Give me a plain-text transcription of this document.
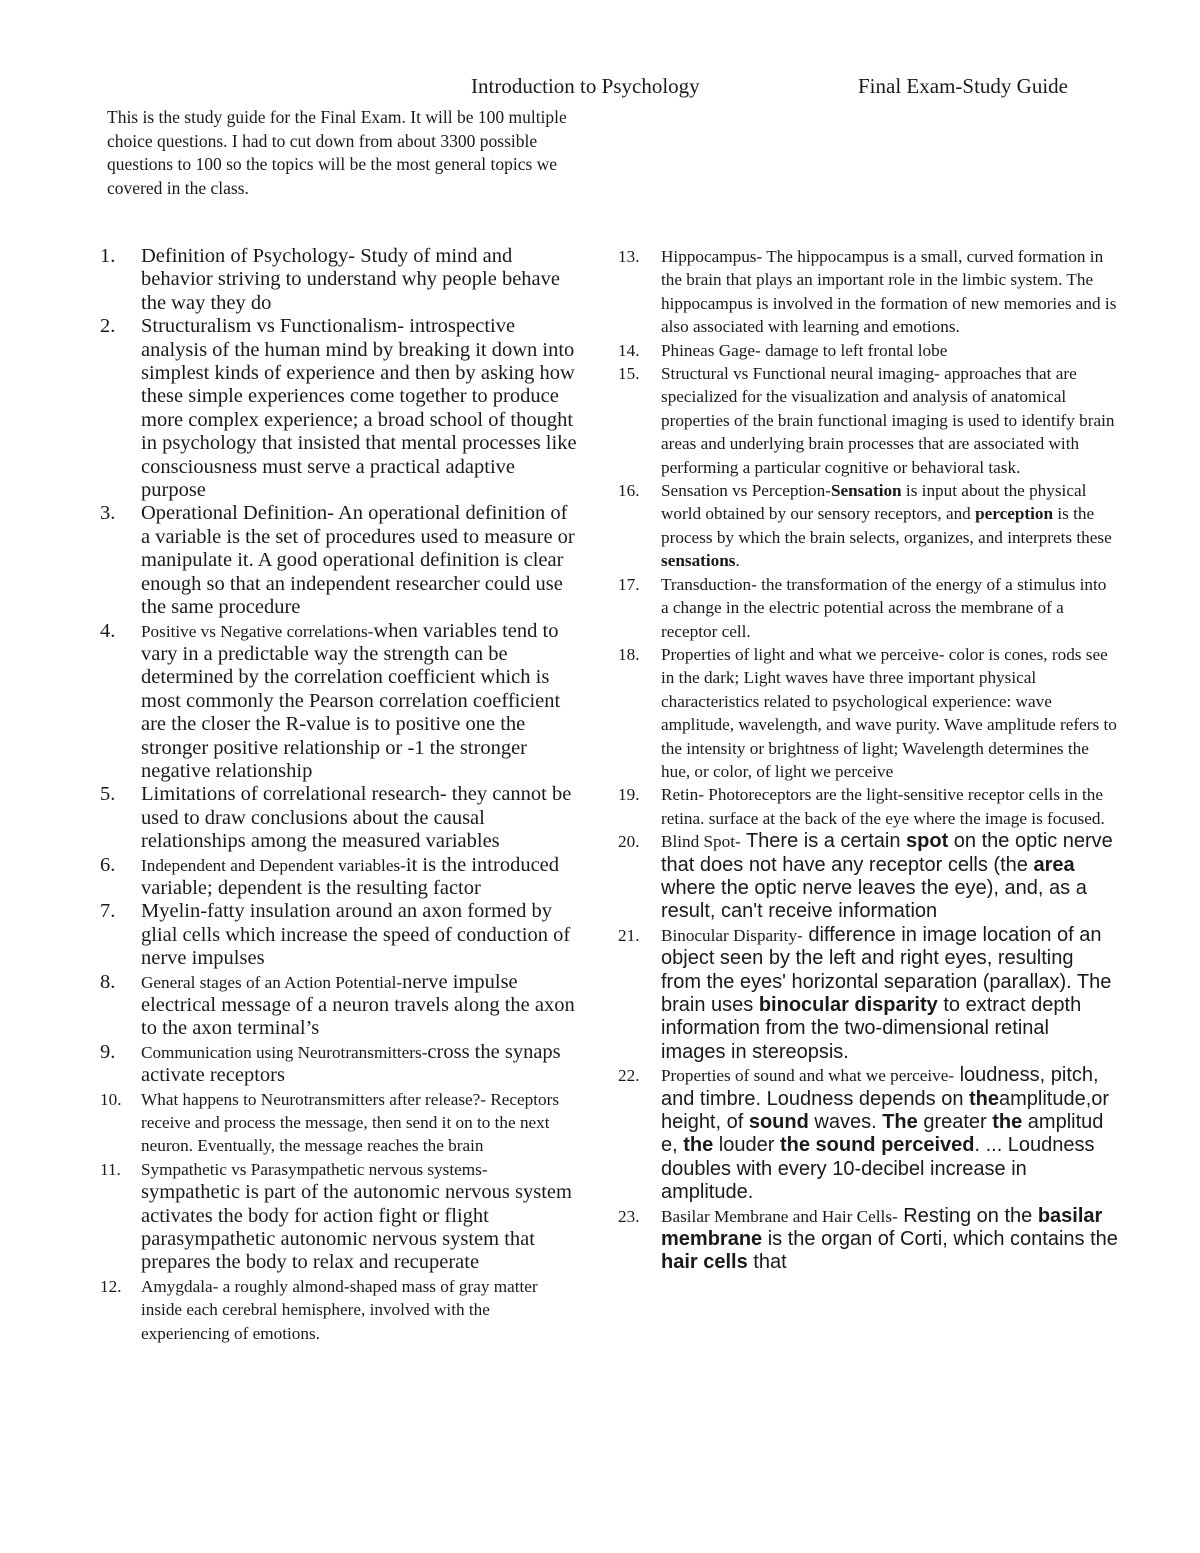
Introduction to Psychology	Final Exam-Study Guide

This is the study guide for the Final Exam. It will be 100 multiple choice questions. I had to cut down from about 3300 possible questions to 100 so the topics will be the most general topics we covered in the class.

1.	Definition of Psychology- Study of mind and behavior striving to understand why people behave the way they do
2.	Structuralism vs Functionalism- introspective analysis of the human mind by breaking it down into simplest kinds of experience and then by asking how these simple experiences come together to produce more complex experience; a broad school of thought in psychology that insisted that mental processes like consciousness must serve a practical adaptive purpose
3.	Operational Definition- An operational definition of a variable is the set of procedures used to measure or manipulate it. A good operational definition is clear enough so that an independent researcher could use the same procedure
4.	Positive vs Negative correlations-when variables tend to vary in a predictable way the strength can be determined by the correlation coefficient which is most commonly the Pearson correlation coefficient are the closer the R-value is to positive one the stronger positive relationship or -1 the stronger negative relationship
5.	Limitations of correlational research- they cannot be used to draw conclusions about the causal relationships among the measured variables
6.	Independent and Dependent variables-it is the introduced variable; dependent is the resulting factor
7.	Myelin-fatty insulation around an axon formed by glial cells which increase the speed of conduction of nerve impulses
8.	General stages of an Action Potential-nerve impulse electrical message of a neuron travels along the axon to the axon terminal’s
9.	Communication using Neurotransmitters-cross the synaps activate receptors
10.	What happens to Neurotransmitters after release?- Receptors receive and process the message, then send it on to the next neuron. Eventually, the message reaches the brain
11.	Sympathetic vs Parasympathetic nervous systems-sympathetic is part of the autonomic nervous system activates the body for action fight or flight parasympathetic autonomic nervous system that prepares the body to relax and recuperate
12.	Amygdala- a roughly almond-shaped mass of gray matter inside each cerebral hemisphere, involved with the experiencing of emotions.
13.	Hippocampus- The hippocampus is a small, curved formation in the brain that plays an important role in the limbic system. The hippocampus is involved in the formation of new memories and is also associated with learning and emotions.
14.	Phineas Gage- damage to left frontal lobe
15.	Structural vs Functional neural imaging- approaches that are specialized for the visualization and analysis of anatomical properties of the brain functional imaging is used to identify brain areas and underlying brain processes that are associated with performing a particular cognitive or behavioral task.
16.	Sensation vs Perception-Sensation is input about the physical world obtained by our sensory receptors, and perception is the process by which the brain selects, organizes, and interprets these sensations.
17.	Transduction- the transformation of the energy of a stimulus into a change in the electric potential across the membrane of a receptor cell.
18.	Properties of light and what we perceive- color is cones, rods see in the dark; Light waves have three important physical characteristics related to psychological experience: wave amplitude, wavelength, and wave purity. Wave amplitude refers to the intensity or brightness of light; Wavelength determines the hue, or color, of light we perceive
19.	Retin- Photoreceptors are the light-sensitive receptor cells in the retina. surface at the back of the eye where the image is focused.
20.	Blind Spot- There is a certain spot on the optic nerve that does not have any receptor cells (the area where the optic nerve leaves the eye), and, as a result, can't receive information
21.	Binocular Disparity- difference in image location of an object seen by the left and right eyes, resulting from the eyes' horizontal separation (parallax). The brain uses binocular disparity to extract depth information from the two-dimensional retinal images in stereopsis.
22.	Properties of sound and what we perceive- loudness, pitch, and timbre. Loudness depends on theamplitude,or height, of sound waves. The greater the amplitud e, the louder the sound perceived. ... Loudness doubles with every 10-decibel increase in amplitude.
23.	Basilar Membrane and Hair Cells- Resting on the basilar membrane is the organ of Corti, which contains the hair cells that
